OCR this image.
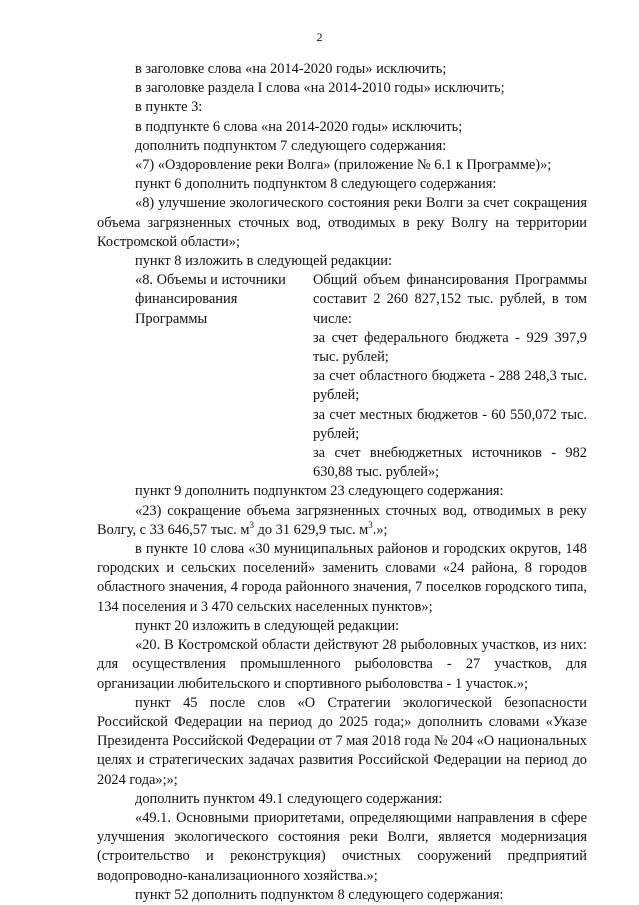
2

в заголовке слова «на 2014-2020 годы» исключить;

в заголовке раздела I слова «на 2014-2010 годы» исключить;

в пункте 3:

в подпункте 6 слова «на 2014-2020 годы» исключить;

дополнить подпунктом 7 следующего содержания:

«7) «Оздоровление реки Волга» (приложение № 6.1 к Программе)»;

пункт 6 дополнить подпунктом 8 следующего содержания:

«8) улучшение экологического состояния реки Волги за счет сокращения объема загрязненных сточных вод, отводимых в реку Волгу на территории Костромской области»;

пункт 8 изложить в следующей редакции:

«8. Объемы и источники финансирования Программы

Общий объем финансирования Программы составит 2 260 827,152 тыс. рублей, в том числе:

за счет федерального бюджета - 929 397,9 тыс. рублей;

за счет областного бюджета - 288 248,3 тыс. рублей;

за счет местных бюджетов - 60 550,072 тыс. рублей;

за счет внебюджетных источников - 982 630,88 тыс. рублей»;

пункт 9 дополнить подпунктом 23 следующего содержания:

«23) сокращение объема загрязненных сточных вод, отводимых в реку Волгу, с 33 646,57 тыс. $м^3$ до 31 629,9 тыс. $м^3$.»;

в пункте 10 слова «30 муниципальных районов и городских округов, 148 городских и сельских поселений» заменить словами «24 района, 8 городов областного значения, 4 города районного значения, 7 поселков городского типа, 134 поселения и 3 470 сельских населенных пунктов»;

пункт 20 изложить в следующей редакции:

«20. В Костромской области действуют 28 рыболовных участков, из них: для осуществления промышленного рыболовства - 27 участков, для организации любительского и спортивного рыболовства - 1 участок.»;

пункт 45 после слов «О Стратегии экологической безопасности Российской Федерации на период до 2025 года;» дополнить словами «Указе Президента Российской Федерации от 7 мая 2018 года № 204 «О национальных целях и стратегических задачах развития Российской Федерации на период до 2024 года»;»;

дополнить пунктом 49.1 следующего содержания:

«49.1. Основными приоритетами, определяющими направления в сфере улучшения экологического состояния реки Волги, является модернизация (строительство и реконструкция) очистных сооружений предприятий водопроводно-канализационного хозяйства.»;

пункт 52 дополнить подпунктом 8 следующего содержания:
